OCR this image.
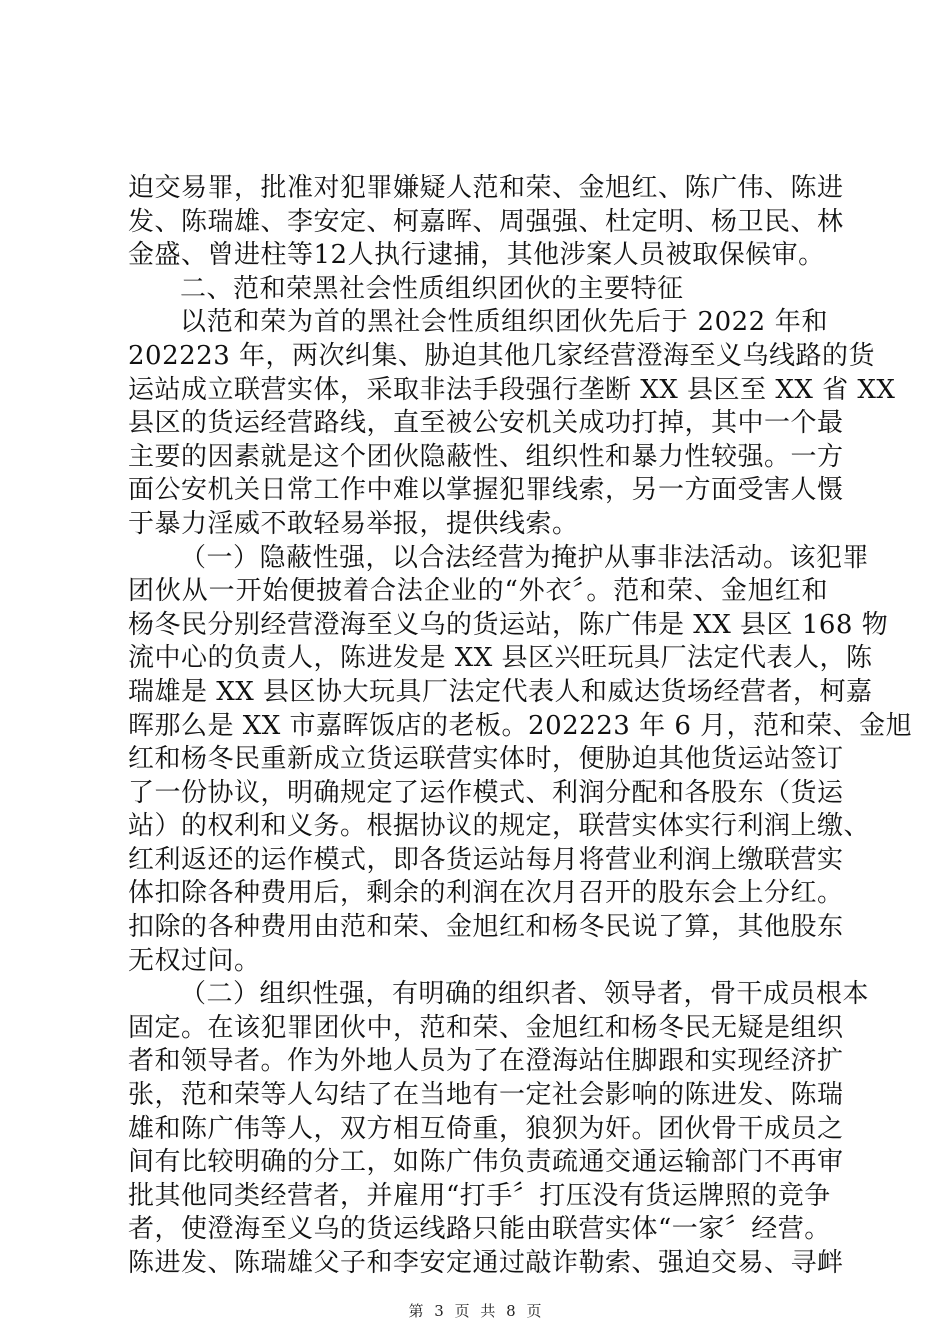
迫交易罪，批准对犯罪嫌疑人范和荣、金旭红、陈广伟、陈进
发、陈瑞雄、李安定、柯嘉晖、周强强、杜定明、杨卫民、林
金盛、曾进柱等12人执行逮捕，其他涉案人员被取保候审。
二、范和荣黑社会性质组织团伙的主要特征
以范和荣为首的黑社会性质组织团伙先后于 2022 年和
202223 年，两次纠集、胁迫其他几家经营澄海至义乌线路的货
运站成立联营实体，采取非法手段强行垄断 XX 县区至 XX 省 XX
县区的货运经营路线，直至被公安机关成功打掉，其中一个最
主要的因素就是这个团伙隐蔽性、组织性和暴力性较强。一方
面公安机关日常工作中难以掌握犯罪线索，另一方面受害人慑
于暴力淫威不敢轻易举报，提供线索。
（一）隐蔽性强，以合法经营为掩护从事非法活动。该犯罪
团伙从一开始便披着合法企业的“外衣〞。范和荣、金旭红和
杨冬民分别经营澄海至义乌的货运站，陈广伟是 XX 县区 168 物
流中心的负责人，陈进发是 XX 县区兴旺玩具厂法定代表人，陈
瑞雄是 XX 县区协大玩具厂法定代表人和威达货场经营者，柯嘉
晖那么是 XX 市嘉晖饭店的老板。202223 年 6 月，范和荣、金旭
红和杨冬民重新成立货运联营实体时，便胁迫其他货运站签订
了一份协议，明确规定了运作模式、利润分配和各股东（货运
站）的权利和义务。根据协议的规定，联营实体实行利润上缴、
红利返还的运作模式，即各货运站每月将营业利润上缴联营实
体扣除各种费用后，剩余的利润在次月召开的股东会上分红。
扣除的各种费用由范和荣、金旭红和杨冬民说了算，其他股东
无权过问。
（二）组织性强，有明确的组织者、领导者，骨干成员根本
固定。在该犯罪团伙中，范和荣、金旭红和杨冬民无疑是组织
者和领导者。作为外地人员为了在澄海站住脚跟和实现经济扩
张，范和荣等人勾结了在当地有一定社会影响的陈进发、陈瑞
雄和陈广伟等人，双方相互倚重，狼狈为奸。团伙骨干成员之
间有比较明确的分工，如陈广伟负责疏通交通运输部门不再审
批其他同类经营者，并雇用“打手〞打压没有货运牌照的竞争
者，使澄海至义乌的货运线路只能由联营实体“一家〞经营。
陈进发、陈瑞雄父子和李安定通过敲诈勒索、强迫交易、寻衅
第 3 页 共 8 页
